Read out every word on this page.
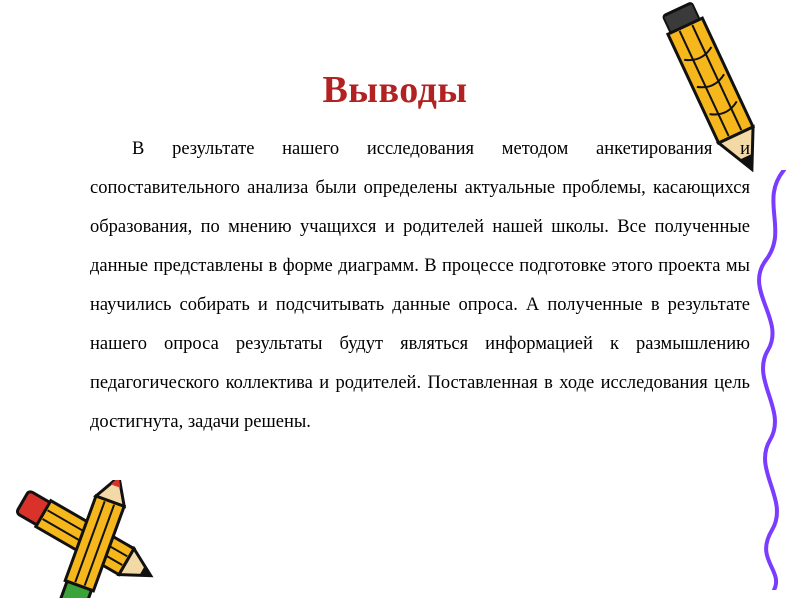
Выводы

В результате нашего исследования методом анкетирования и сопоставительного анализа были определены актуальные проблемы, касающихся образования, по мнению учащихся и родителей нашей школы. Все полученные данные представлены в форме диаграмм. В процессе подготовке этого проекта мы научились собирать и подсчитывать данные опроса. А полученные в результате нашего опроса результаты будут являться информацией к размышлению педагогического коллектива и родителей. Поставленная в ходе исследования цель достигнута, задачи решены.
